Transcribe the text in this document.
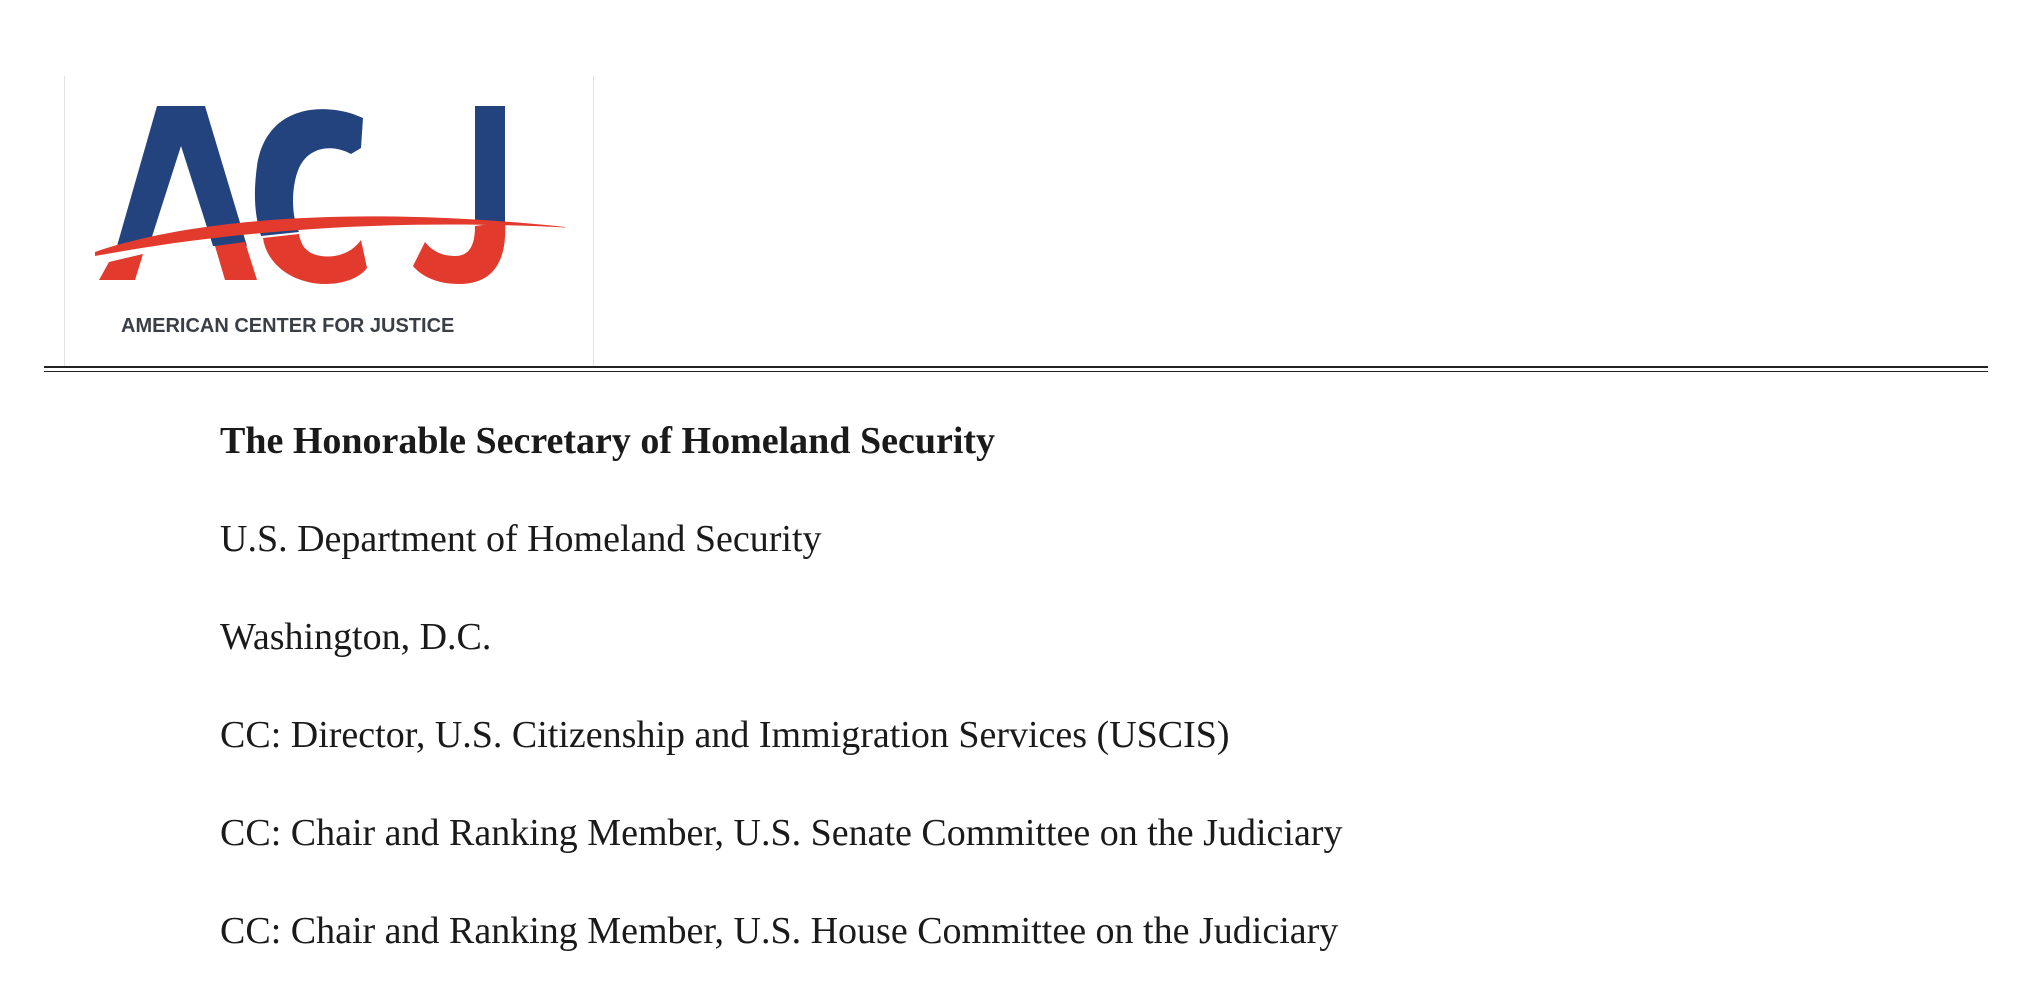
AMERICAN CENTER FOR JUSTICE

The Honorable Secretary of Homeland Security

U.S. Department of Homeland Security

Washington, D.C.

CC: Director, U.S. Citizenship and Immigration Services (USCIS)

CC: Chair and Ranking Member, U.S. Senate Committee on the Judiciary

CC: Chair and Ranking Member, U.S. House Committee on the Judiciary
